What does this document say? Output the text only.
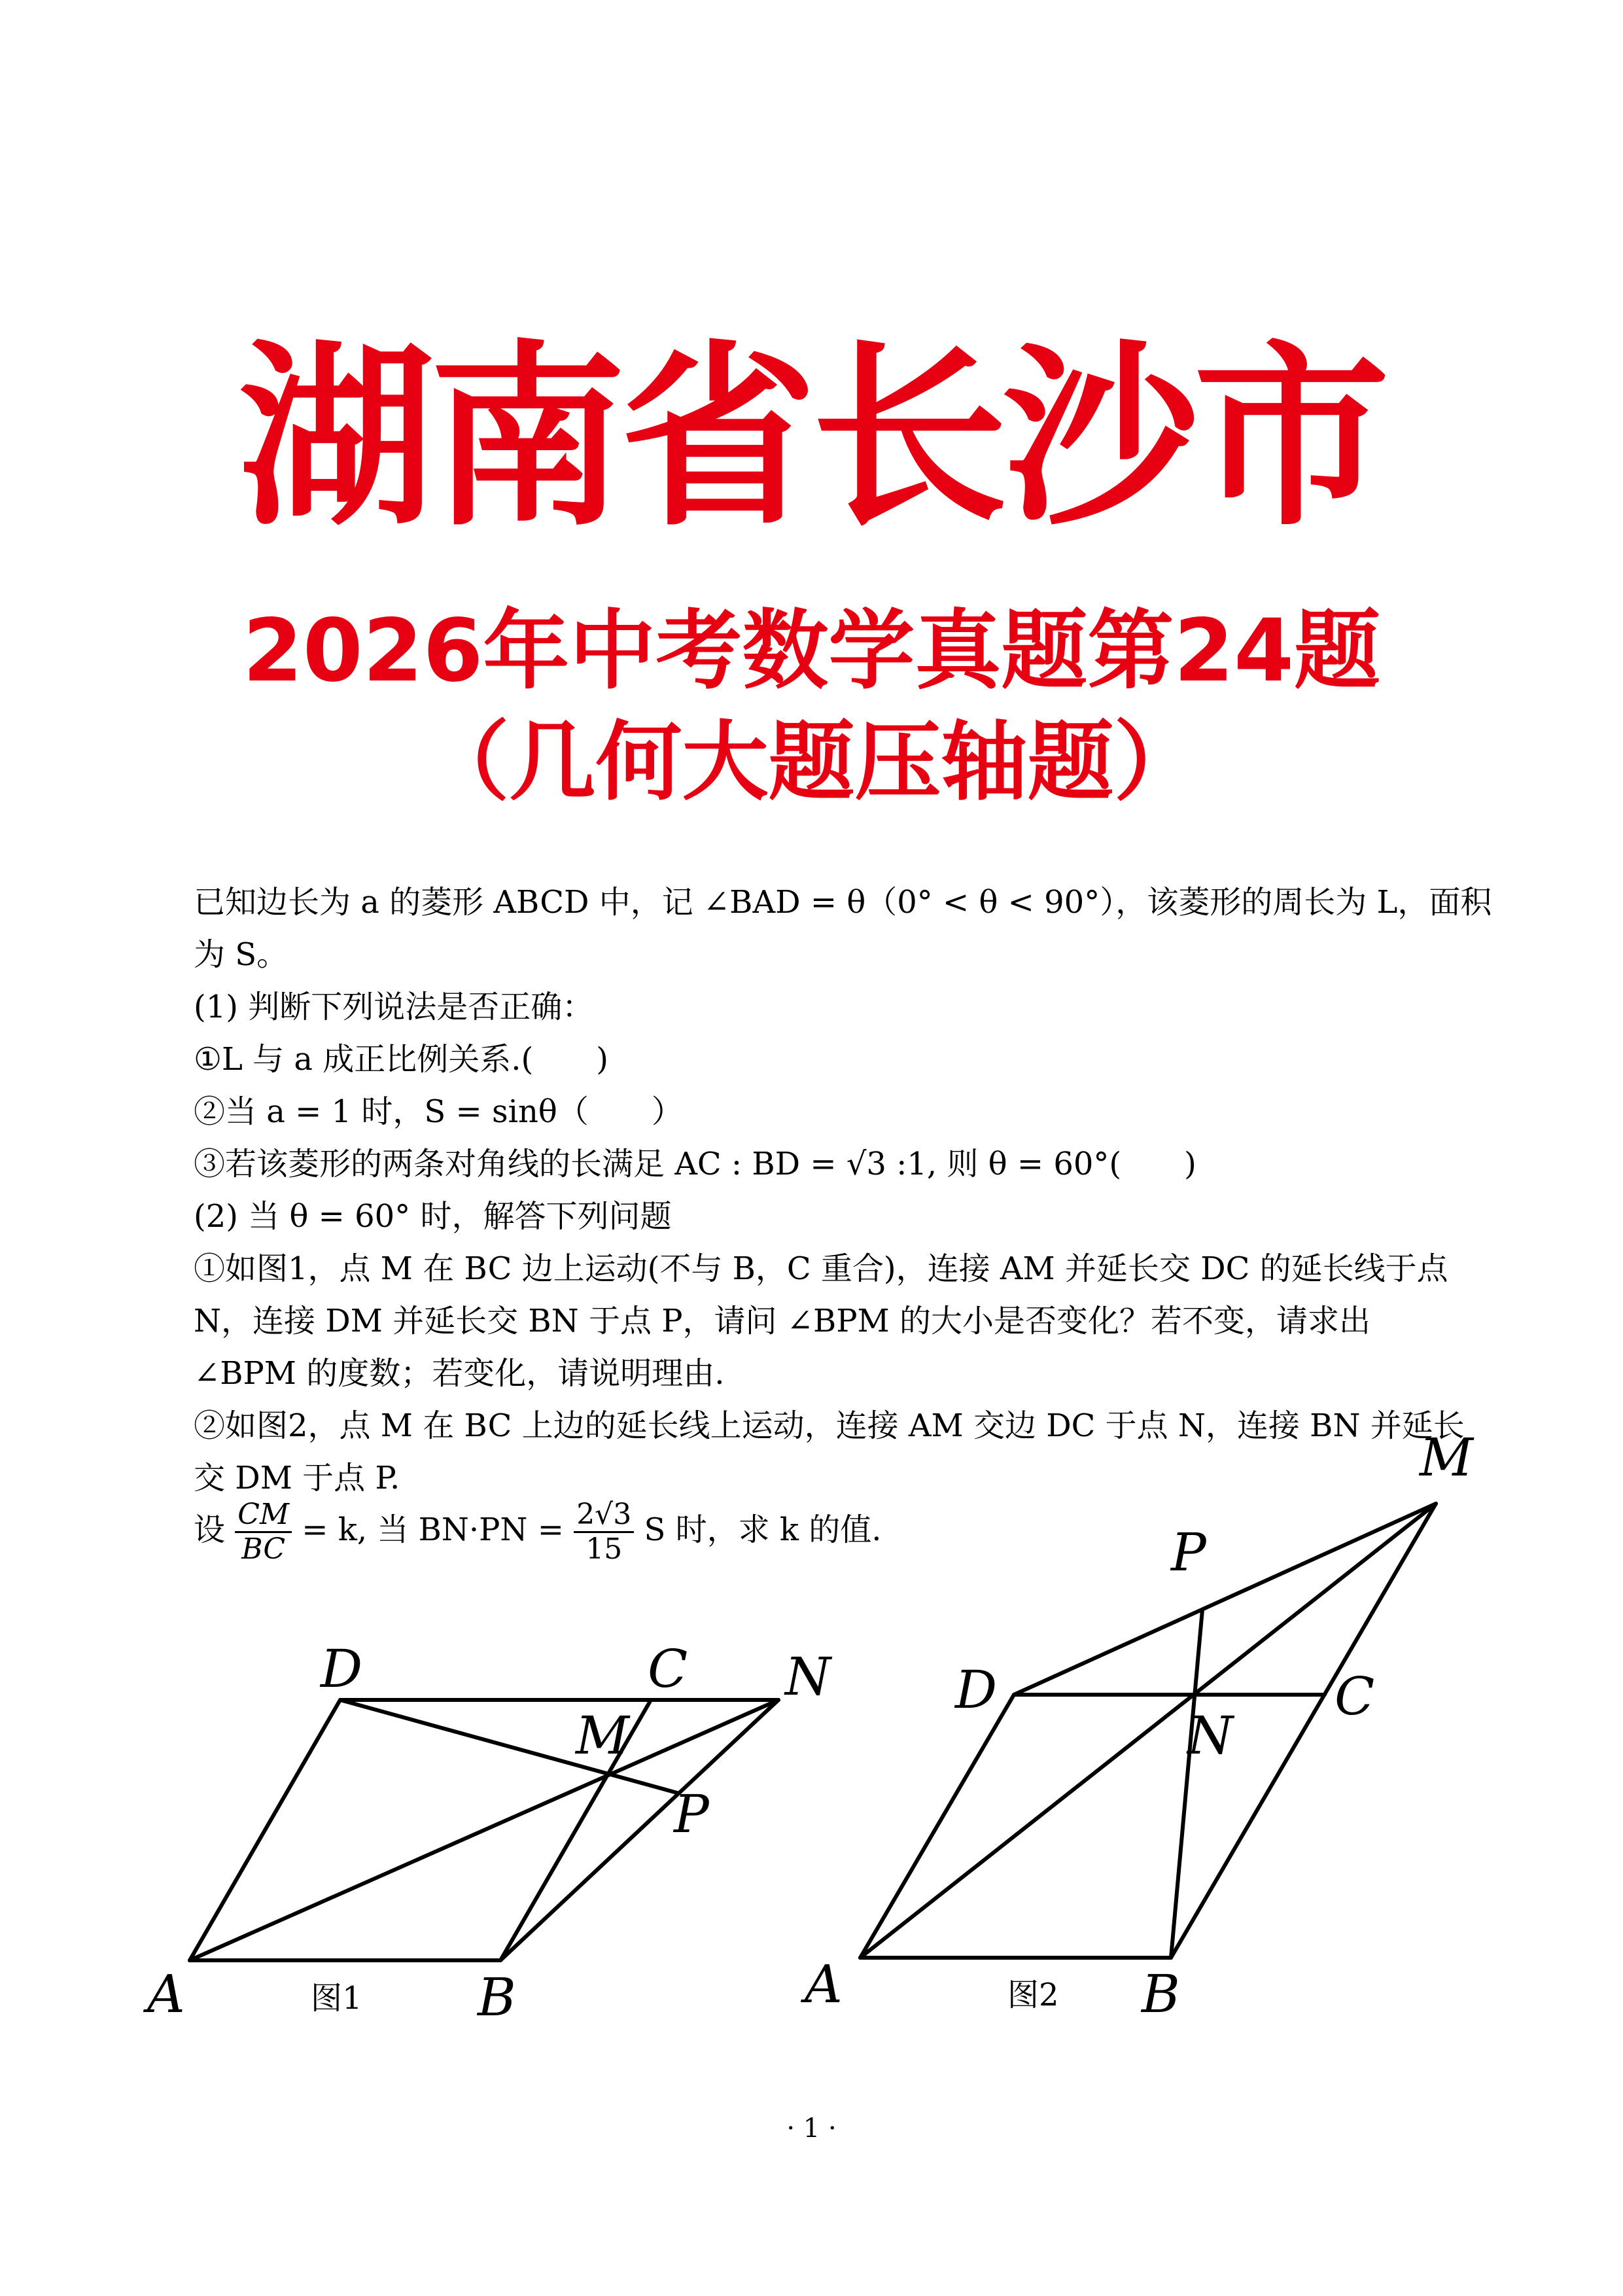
湖南省长沙市
2026年中考数学真题第24题
（几何大题压轴题）
已知边长为 a 的菱形 ABCD 中，记 ∠BAD = θ（0° < θ < 90°），该菱形的周长为 L，面积
为 S。
(1) 判断下列说法是否正确：
①L 与 a 成正比例关系.(　　)
②当 a = 1 时，S = sinθ（　　）
③若该菱形的两条对角线的长满足 AC : BD = √3 :1, 则 θ = 60°(　　)
(2) 当 θ = 60° 时，解答下列问题
①如图1，点 M 在 BC 边上运动(不与 B，C 重合)，连接 AM 并延长交 DC 的延长线于点
N，连接 DM 并延长交 BN 于点 P，请问 ∠BPM 的大小是否变化？若不变，请求出
∠BPM 的度数；若变化，请说明理由.
②如图2，点 M 在 BC 上边的延长线上运动，连接 AM 交边 DC 于点 N，连接 BN 并延长
交 DM 于点 P.
设 $\frac{CM}{BC} = k$, 当 $BN\cdot PN = \frac{2√3}{15}$ S 时，求 k 的值.
D	C N
M
P
A	B
图1
M
P
D	C
N
A	B
图2
· 1 ·
